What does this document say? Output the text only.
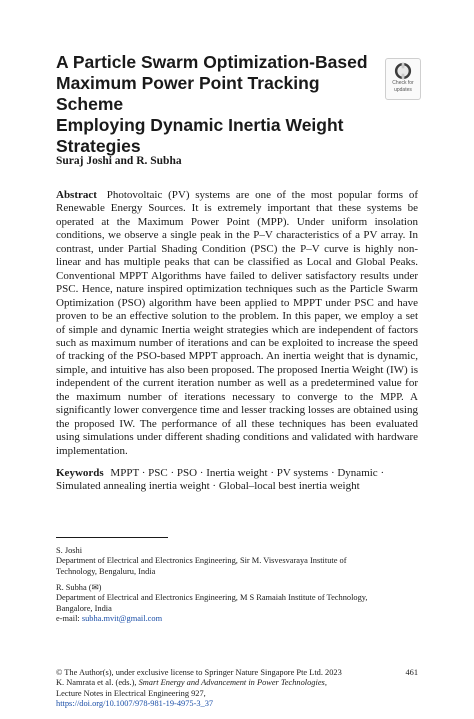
A Particle Swarm Optimization-Based
Maximum Power Point Tracking Scheme
Employing Dynamic Inertia Weight
Strategies
Check for
updates
Suraj Joshi and R. Subha

Abstract Photovoltaic (PV) systems are one of the most popular forms of Renewable Energy Sources. It is extremely important that these systems be operated at the Maximum Power Point (MPP). Under uniform insolation conditions, we observe a single peak in the P–V characteristics of a PV array. In contrast, under Partial Shading Condition (PSC) the P–V curve is highly non-linear and has multiple peaks that can be classified as Local and Global Peaks. Conventional MPPT Algorithms have failed to deliver satisfactory results under PSC. Hence, nature inspired optimization techniques such as the Particle Swarm Optimization (PSO) algorithm have been applied to MPPT under PSC and have proven to be an effective solution to the problem. In this paper, we employ a set of simple and dynamic Inertia weight strategies which are independent of factors such as maximum number of iterations and can be exploited to increase the speed of tracking of the PSO-based MPPT approach. An inertia weight that is dynamic, simple, and intuitive has also been proposed. The proposed Inertia Weight (IW) is independent of the current iteration number as well as a predetermined value for the maximum number of iterations necessary to converge to the MPP. A significantly lower convergence time and lesser tracking losses are obtained using the proposed IW. The performance of all these techniques has been evaluated using simulations under different shading conditions and validated with hardware implementation.

Keywords MPPT · PSC · PSO · Inertia weight · PV systems · Dynamic · Simulated annealing inertia weight · Global–local best inertia weight

S. Joshi
Department of Electrical and Electronics Engineering, Sir M. Visvesvaraya Institute of
Technology, Bengaluru, India
R. Subha (✉)
Department of Electrical and Electronics Engineering, M S Ramaiah Institute of Technology,
Bangalore, India
e-mail: subha.mvit@gmail.com
461
© The Author(s), under exclusive license to Springer Nature Singapore Pte Ltd. 2023
K. Namrata et al. (eds.), Smart Energy and Advancement in Power Technologies,
Lecture Notes in Electrical Engineering 927,
https://doi.org/10.1007/978-981-19-4975-3_37
